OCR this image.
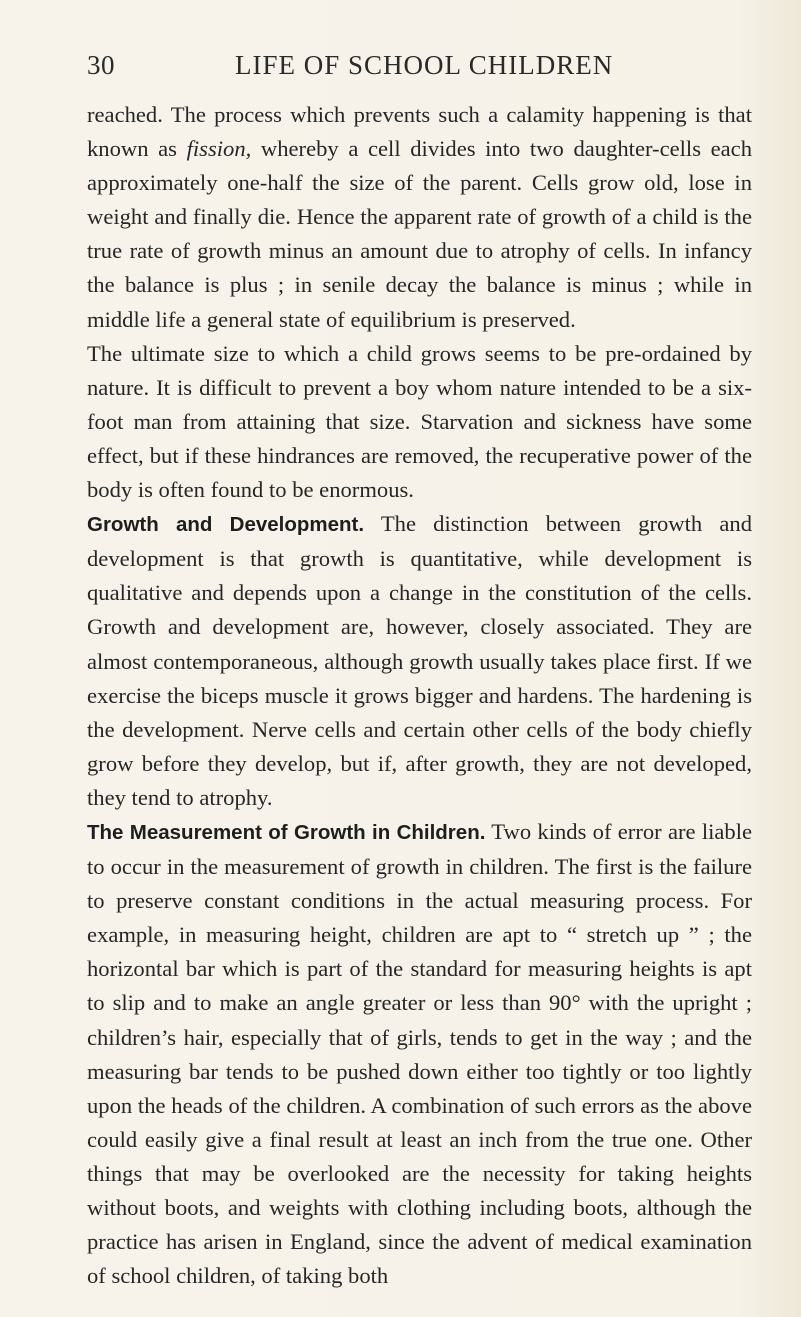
30	LIFE OF SCHOOL CHILDREN

reached. The process which prevents such a calamity happening is that known as fission, whereby a cell divides into two daughter-cells each approximately one-half the size of the parent. Cells grow old, lose in weight and finally die. Hence the apparent rate of growth of a child is the true rate of growth minus an amount due to atrophy of cells. In infancy the balance is plus ; in senile decay the balance is minus ; while in middle life a general state of equilibrium is preserved.

The ultimate size to which a child grows seems to be pre-ordained by nature. It is difficult to prevent a boy whom nature intended to be a six-foot man from attaining that size. Starvation and sickness have some effect, but if these hindrances are removed, the recuperative power of the body is often found to be enormous.

Growth and Development. The distinction between growth and development is that growth is quantitative, while development is qualitative and depends upon a change in the constitution of the cells. Growth and development are, however, closely associated. They are almost contemporaneous, although growth usually takes place first. If we exercise the biceps muscle it grows bigger and hardens. The hardening is the development. Nerve cells and certain other cells of the body chiefly grow before they develop, but if, after growth, they are not developed, they tend to atrophy.

The Measurement of Growth in Children. Two kinds of error are liable to occur in the measurement of growth in children. The first is the failure to preserve constant conditions in the actual measuring process. For example, in measuring height, children are apt to “ stretch up ” ; the horizontal bar which is part of the standard for measuring heights is apt to slip and to make an angle greater or less than 90° with the upright ; children’s hair, especially that of girls, tends to get in the way ; and the measuring bar tends to be pushed down either too tightly or too lightly upon the heads of the children. A combination of such errors as the above could easily give a final result at least an inch from the true one. Other things that may be overlooked are the necessity for taking heights without boots, and weights with clothing including boots, although the practice has arisen in England, since the advent of medical examination of school children, of taking both
